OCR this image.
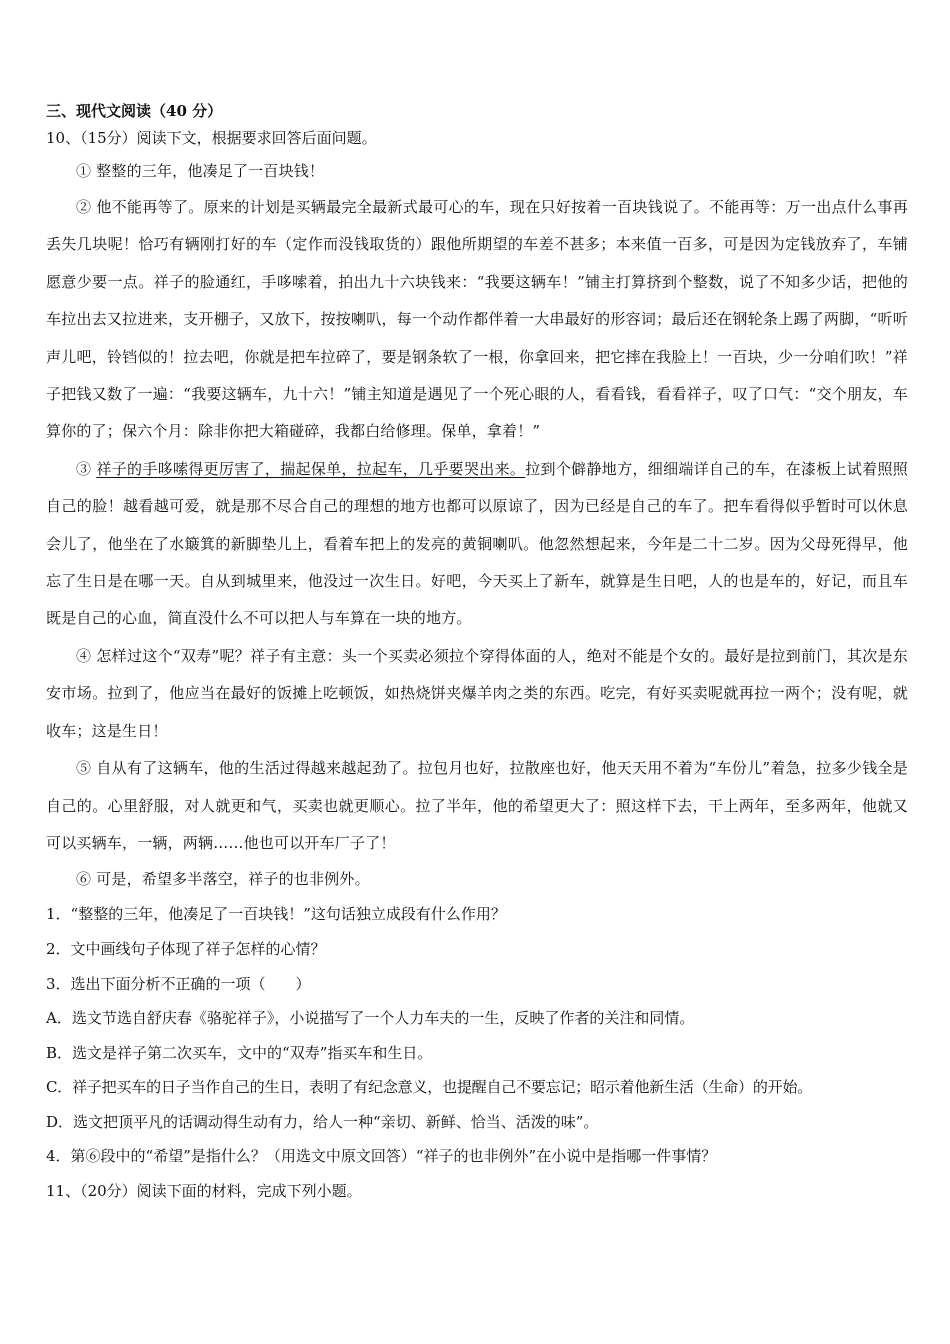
三、现代文阅读（40 分）

10、（15分）阅读下文，根据要求回答后面问题。

① 整整的三年，他凑足了一百块钱！

② 他不能再等了。原来的计划是买辆最完全最新式最可心的车，现在只好按着一百块钱说了。不能再等：万一出点什么事再丢失几块呢！恰巧有辆刚打好的车（定作而没钱取货的）跟他所期望的车差不甚多；本来值一百多，可是因为定钱放弃了，车铺愿意少要一点。祥子的脸通红，手哆嗦着，拍出九十六块钱来：“我要这辆车！”铺主打算挤到个整数，说了不知多少话，把他的车拉出去又拉进来，支开棚子，又放下，按按喇叭，每一个动作都伴着一大串最好的形容词；最后还在钢轮条上踢了两脚，“听听声儿吧，铃铛似的！拉去吧，你就是把车拉碎了，要是钢条软了一根，你拿回来，把它摔在我脸上！一百块，少一分咱们吹！”祥子把钱又数了一遍：“我要这辆车，九十六！”铺主知道是遇见了一个死心眼的人，看看钱，看看祥子，叹了口气：“交个朋友，车算你的了；保六个月：除非你把大箱碰碎，我都白给修理。保单，拿着！”

③ 祥子的手哆嗦得更厉害了，揣起保单，拉起车，几乎要哭出来。拉到个僻静地方，细细端详自己的车，在漆板上试着照照自己的脸！越看越可爱，就是那不尽合自己的理想的地方也都可以原谅了，因为已经是自己的车了。把车看得似乎暂时可以休息会儿了，他坐在了水簸箕的新脚垫儿上，看着车把上的发亮的黄铜喇叭。他忽然想起来，今年是二十二岁。因为父母死得早，他忘了生日是在哪一天。自从到城里来，他没过一次生日。好吧，今天买上了新车，就算是生日吧，人的也是车的，好记，而且车既是自己的心血，简直没什么不可以把人与车算在一块的地方。

④ 怎样过这个“双寿”呢？祥子有主意：头一个买卖必须拉个穿得体面的人，绝对不能是个女的。最好是拉到前门，其次是东安市场。拉到了，他应当在最好的饭摊上吃顿饭，如热烧饼夹爆羊肉之类的东西。吃完，有好买卖呢就再拉一两个；没有呢，就收车；这是生日！

⑤ 自从有了这辆车，他的生活过得越来越起劲了。拉包月也好，拉散座也好，他天天用不着为“车份儿”着急，拉多少钱全是自己的。心里舒服，对人就更和气，买卖也就更顺心。拉了半年，他的希望更大了：照这样下去，干上两年，至多两年，他就又可以买辆车，一辆，两辆……他也可以开车厂子了！

⑥ 可是，希望多半落空，祥子的也非例外。

1．“整整的三年，他凑足了一百块钱！”这句话独立成段有什么作用？

2．文中画线句子体现了祥子怎样的心情？

3．选出下面分析不正确的一项（　　）

A．选文节选自舒庆春《骆驼祥子》，小说描写了一个人力车夫的一生，反映了作者的关注和同情。

B．选文是祥子第二次买车，文中的“双寿”指买车和生日。

C．祥子把买车的日子当作自己的生日，表明了有纪念意义，也提醒自己不要忘记；昭示着他新生活（生命）的开始。

D．选文把顶平凡的话调动得生动有力，给人一种“亲切、新鲜、恰当、活泼的味”。

4．第⑥段中的“希望”是指什么？（用选文中原文回答）“祥子的也非例外”在小说中是指哪一件事情？

11、（20分）阅读下面的材料，完成下列小题。
